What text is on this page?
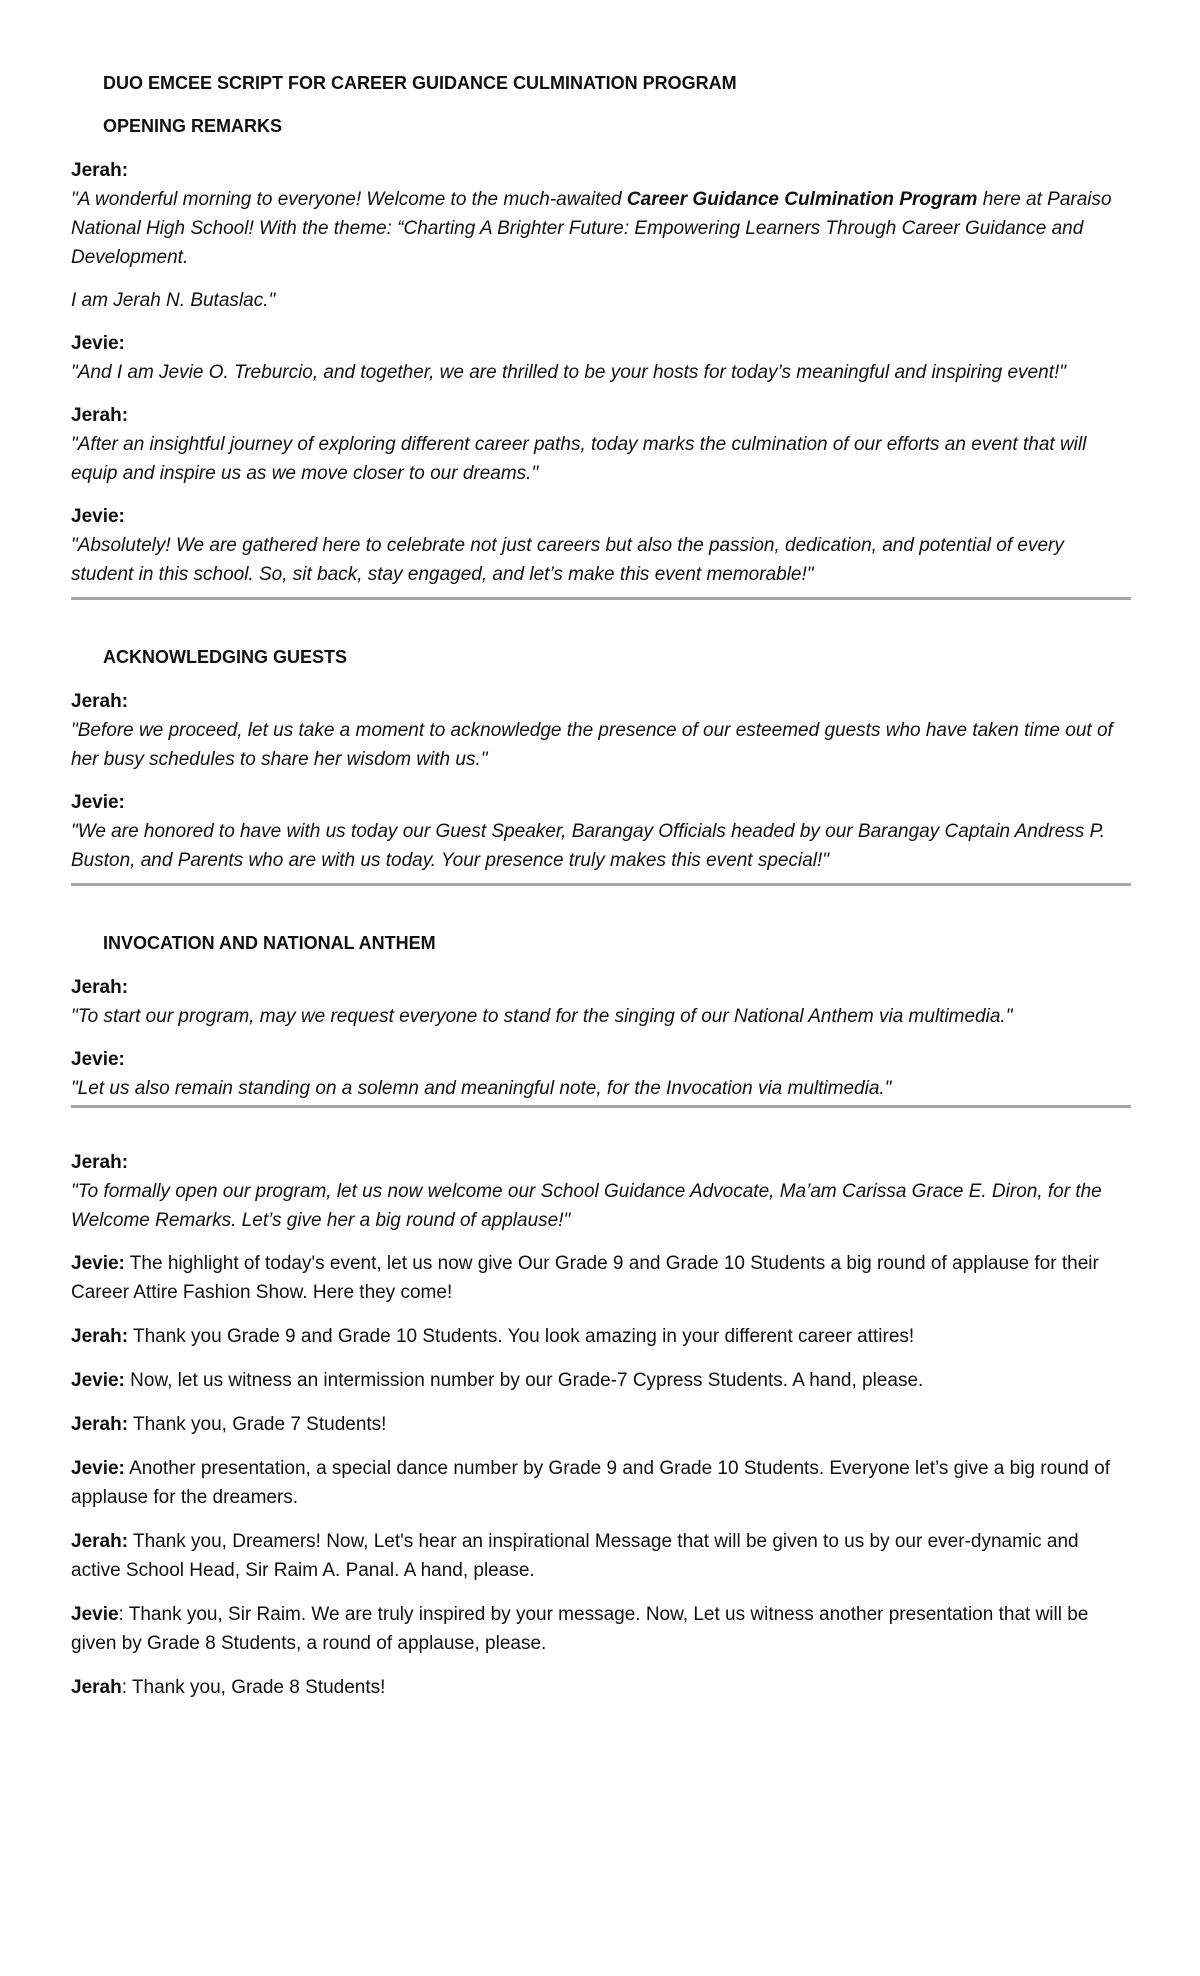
DUO EMCEE SCRIPT FOR CAREER GUIDANCE CULMINATION PROGRAM
OPENING REMARKS

Jerah:

"A wonderful morning to everyone! Welcome to the much-awaited Career Guidance Culmination Program here at Paraiso National High School! With the theme: “Charting A Brighter Future: Empowering Learners Through Career Guidance and Development.

I am Jerah N. Butaslac."

Jevie:

"And I am Jevie O. Treburcio, and together, we are thrilled to be your hosts for today’s meaningful and inspiring event!"

Jerah:

"After an insightful journey of exploring different career paths, today marks the culmination of our efforts an event that will equip and inspire us as we move closer to our dreams."

Jevie:

"Absolutely! We are gathered here to celebrate not just careers but also the passion, dedication, and potential of every student in this school. So, sit back, stay engaged, and let’s make this event memorable!"

ACKNOWLEDGING GUESTS

Jerah:

"Before we proceed, let us take a moment to acknowledge the presence of our esteemed guests who have taken time out of her busy schedules to share her wisdom with us."

Jevie:

"We are honored to have with us today our Guest Speaker, Barangay Officials headed by our Barangay Captain Andress P. Buston, and Parents who are with us today. Your presence truly makes this event special!"

INVOCATION AND NATIONAL ANTHEM

Jerah:

"To start our program, may we request everyone to stand for the singing of our National Anthem via multimedia."

Jevie:

"Let us also remain standing on a solemn and meaningful note, for the Invocation via multimedia."

Jerah:

"To formally open our program, let us now welcome our School Guidance Advocate, Ma’am Carissa Grace E. Diron, for the Welcome Remarks. Let’s give her a big round of applause!"

Jevie: The highlight of today's event, let us now give Our Grade 9 and Grade 10 Students a big round of applause for their Career Attire Fashion Show. Here they come!

Jerah: Thank you Grade 9 and Grade 10 Students. You look amazing in your different career attires!

Jevie: Now, let us witness an intermission number by our Grade-7 Cypress Students. A hand, please.

Jerah: Thank you, Grade 7 Students!

Jevie: Another presentation, a special dance number by Grade 9 and Grade 10 Students. Everyone let’s give a big round of applause for the dreamers.

Jerah: Thank you, Dreamers! Now, Let's hear an inspirational Message that will be given to us by our ever-dynamic and active School Head, Sir Raim A. Panal. A hand, please.

Jevie: Thank you, Sir Raim. We are truly inspired by your message. Now, Let us witness another presentation that will be given by Grade 8 Students, a round of applause, please.

Jerah: Thank you, Grade 8 Students!
